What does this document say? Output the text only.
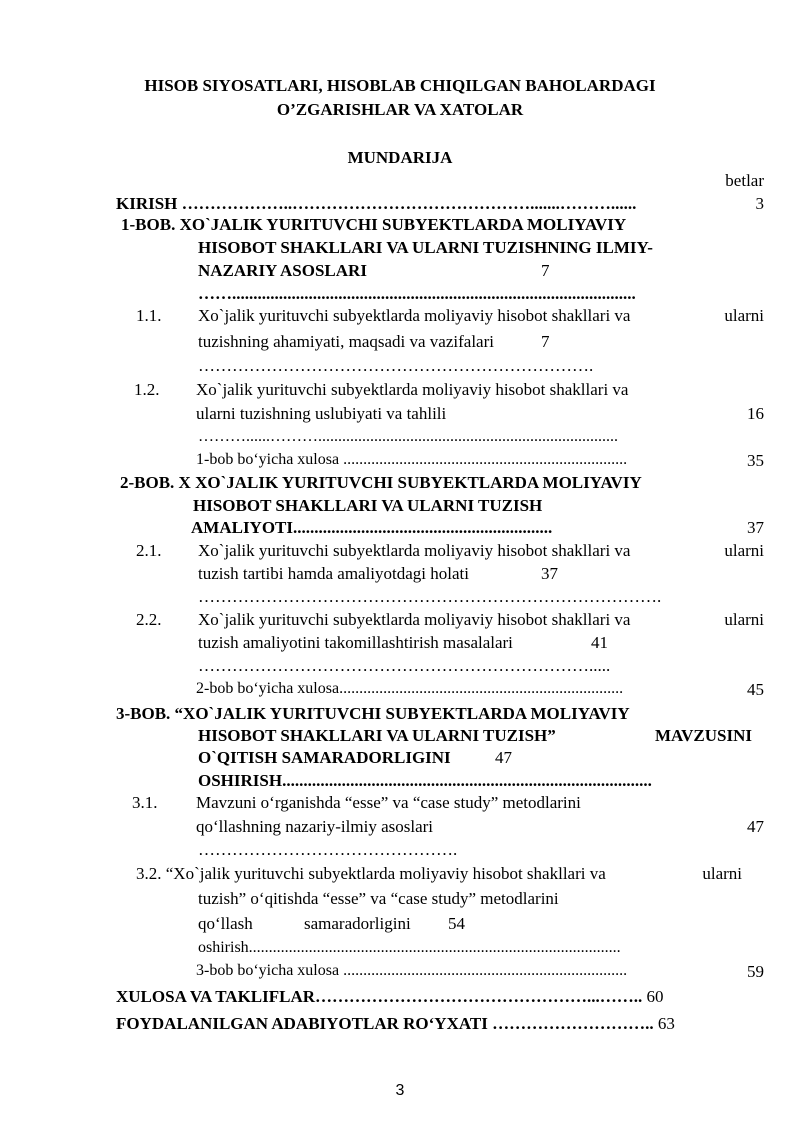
HISOB SIYOSATLARI, HISOBLAB CHIQILGAN BAHOLARDAGI
O’ZGARISHLAR VA XATOLAR
MUNDARIJA
betlar
KIRISH ………………..…………………………………….......………......	3
1-BOB. XO`JALIK YURITUVCHI SUBYEKTLARDA MOLIYAVIY
HISOBOT SHAKLLARI VA ULARNI TUZISHNING ILMIY-
NAZARIY ASOSLARI	7
……...............................................................................................
1.1. Xo`jalik yurituvchi subyektlarda moliyaviy hisobot shakllari va	ularni
tuzishning ahamiyati, maqsadi va vazifalari	7
…………………………………………………………….
1.2. Xo`jalik yurituvchi subyektlarda moliyaviy hisobot shakllari va
ularni tuzishning uslubiyati va tahlili	16
………......………...........................................................................
1-bob bo‘yicha xulosa .......................................................................	35
2-BOB. X XO`JALIK YURITUVCHI SUBYEKTLARDA MOLIYAVIY
HISOBOT SHAKLLARI VA ULARNI TUZISH
AMALIYOTI.............................................................	37
2.1. Xo`jalik yurituvchi subyektlarda moliyaviy hisobot shakllari va	ularni
tuzish tartibi hamda amaliyotdagi holati	37
……………………………………………………………………….
2.2. Xo`jalik yurituvchi subyektlarda moliyaviy hisobot shakllari va	ularni
tuzish amaliyotini takomillashtirish masalalari	41
…………………………………………………………….....
2-bob bo‘yicha xulosa.......................................................................	45
3-BOB. “XO`JALIK YURITUVCHI SUBYEKTLARDA MOLIYAVIY
HISOBOT SHAKLLARI VA ULARNI TUZISH”	MAVZUSINI
O`QITISH SAMARADORLIGINI	47
OSHIRISH.......................................................................................
3.1. Mavzuni o‘rganishda “esse” va “case study” metodlarini
qo‘llashning nazariy-ilmiy asoslari	47
……………………………………….
3.2. “Xo`jalik yurituvchi subyektlarda moliyaviy hisobot shakllari va	ularni
tuzish” o‘qitishda “esse” va “case study” metodlarini
qo‘llash	samaradorligini 54
oshirish.............................................................................................
3-bob bo‘yicha xulosa .......................................................................	59
XULOSA VA TAKLIFLAR…………………………………………...…….. 60
FOYDALANILGAN ADABIYOTLAR RO‘YXATI ……………………….. 63
3
